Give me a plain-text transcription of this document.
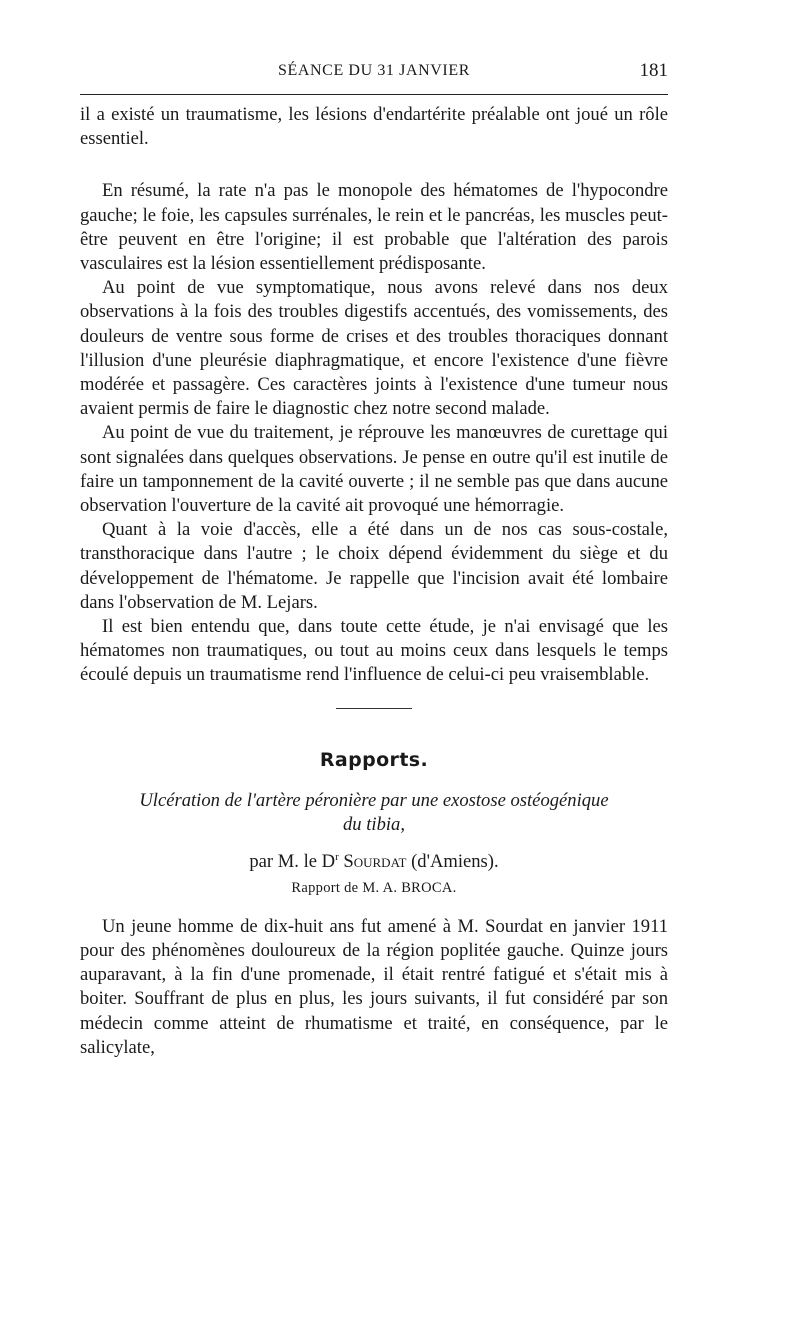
SÉANCE DU 31 JANVIER	181

il a existé un traumatisme, les lésions d'endartérite préalable ont joué un rôle essentiel.

En résumé, la rate n'a pas le monopole des hématomes de l'hypocondre gauche; le foie, les capsules surrénales, le rein et le pancréas, les muscles peut-être peuvent en être l'origine; il est probable que l'altération des parois vasculaires est la lésion essentiellement prédisposante.

Au point de vue symptomatique, nous avons relevé dans nos deux observations à la fois des troubles digestifs accentués, des vomissements, des douleurs de ventre sous forme de crises et des troubles thoraciques donnant l'illusion d'une pleurésie diaphragmatique, et encore l'existence d'une fièvre modérée et passagère. Ces caractères joints à l'existence d'une tumeur nous avaient permis de faire le diagnostic chez notre second malade.

Au point de vue du traitement, je réprouve les manœuvres de curettage qui sont signalées dans quelques observations. Je pense en outre qu'il est inutile de faire un tamponnement de la cavité ouverte ; il ne semble pas que dans aucune observation l'ouverture de la cavité ait provoqué une hémorragie.

Quant à la voie d'accès, elle a été dans un de nos cas sous-costale, transthoracique dans l'autre ; le choix dépend évidemment du siège et du développement de l'hématome. Je rappelle que l'incision avait été lombaire dans l'observation de M. Lejars.

Il est bien entendu que, dans toute cette étude, je n'ai envisagé que les hématomes non traumatiques, ou tout au moins ceux dans lesquels le temps écoulé depuis un traumatisme rend l'influence de celui-ci peu vraisemblable.

Rapports.
Ulcération de l'artère péronière par une exostose ostéogénique
du tibia,
par M. le $D^r$ Sourdat (d'Amiens).
Rapport de M. A. BROCA.

Un jeune homme de dix-huit ans fut amené à M. Sourdat en janvier 1911 pour des phénomènes douloureux de la région poplitée gauche. Quinze jours auparavant, à la fin d'une promenade, il était rentré fatigué et s'était mis à boiter. Souffrant de plus en plus, les jours suivants, il fut considéré par son médecin comme atteint de rhumatisme et traité, en conséquence, par le salicylate,
